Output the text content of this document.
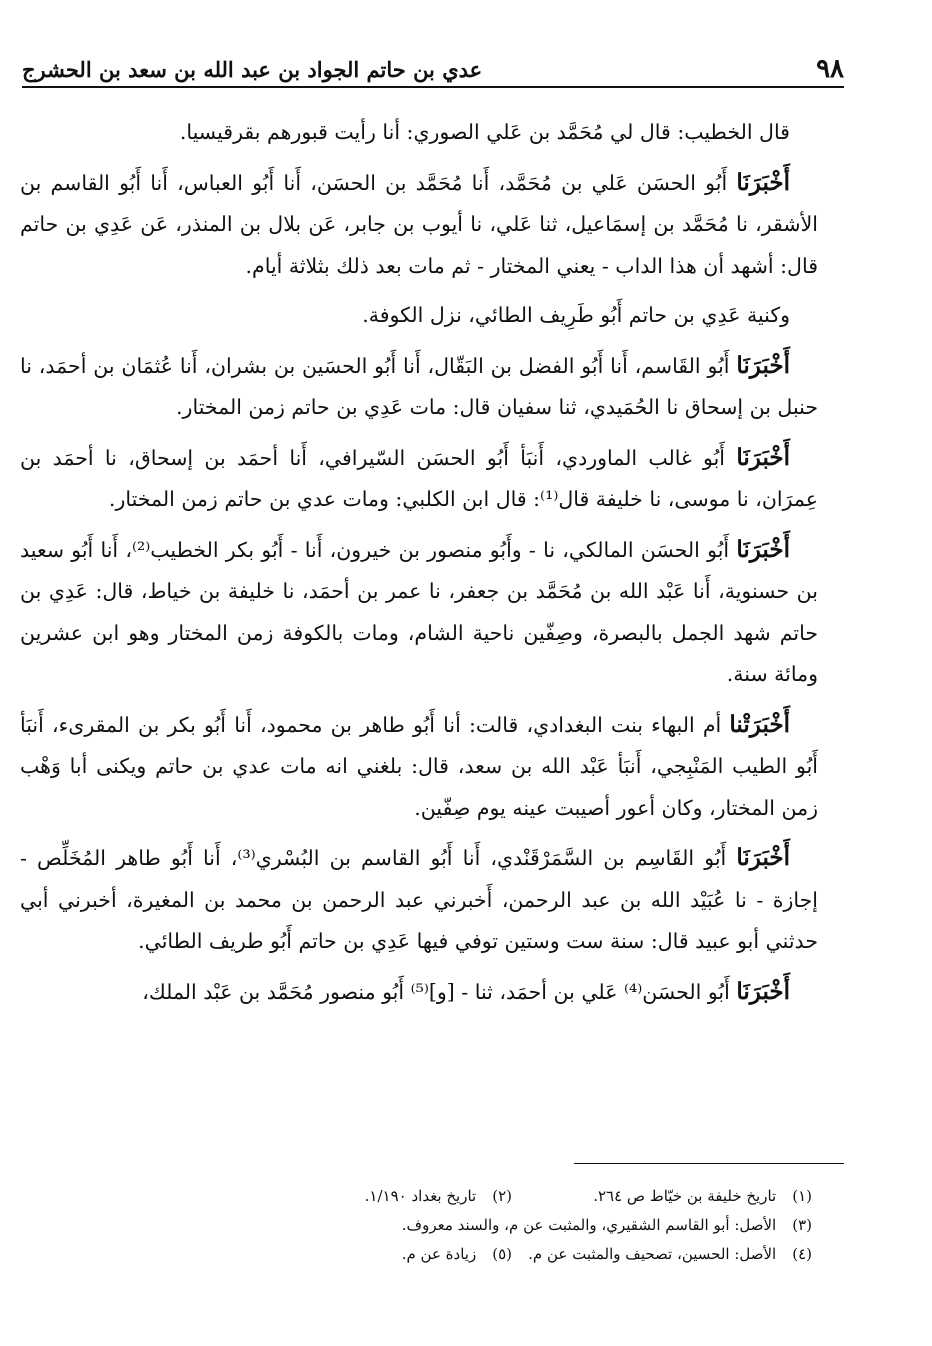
٩٨
عدي بن حاتم الجواد بن عبد الله بن سعد بن الحشرج

قال الخطيب: قال لي مُحَمَّد بن عَلي الصوري: أنا رأيت قبورهم بقرقيسيا.

أَخْبَرَنَا أَبُو الحسَن عَلي بن مُحَمَّد، أَنا مُحَمَّد بن الحسَن، أَنا أَبُو العباس، أَنا أَبُو القاسم بن الأشقر، نا مُحَمَّد بن إسمَاعيل، ثنا عَلي، نا أيوب بن جابر، عَن بلال بن المنذر، عَن عَدِي بن حاتم قال: أشهد أن هذا الداب - يعني المختار - ثم مات بعد ذلك بثلاثة أيام.

وكنية عَدِي بن حاتم أَبُو طَرِيف الطائي، نزل الكوفة.

أَخْبَرَنَا أَبُو القَاسم، أَنا أَبُو الفضل بن البَقّال، أَنا أَبُو الحسَين بن بشران، أَنا عُثمَان بن أحمَد، نا حنبل بن إسحاق نا الحُمَيدي، ثنا سفيان قال: مات عَدِي بن حاتم زمن المختار.

أَخْبَرَنَا أَبُو غالب الماوردي، أَنبَأ أَبُو الحسَن السّيرافي، أَنا أحمَد بن إسحاق، نا أحمَد بن عِمرَان، نا موسى، نا خليفة قال⁽¹⁾: قال ابن الكلبي: ومات عدي بن حاتم زمن المختار.

أَخْبَرَنَا أَبُو الحسَن المالكي، نا - وأَبُو منصور بن خيرون، أَنا - أَبُو بكر الخطيب⁽²⁾، أَنا أَبُو سعيد بن حسنوية، أَنا عَبْد الله بن مُحَمَّد بن جعفر، نا عمر بن أحمَد، نا خليفة بن خياط، قال: عَدِي بن حاتم شهد الجمل بالبصرة، وصِفّين ناحية الشام، ومات بالكوفة زمن المختار وهو ابن عشرين ومائة سنة.

أَخْبَرَتْنا أم البهاء بنت البغدادي، قالت: أنا أَبُو طاهر بن محمود، أَنا أَبُو بكر بن المقرىء، أَنبَأ أَبُو الطيب المَنْبِجي، أَنبَأ عَبْد الله بن سعد، قال: بلغني انه مات عدي بن حاتم ويكنى أبا وَهْب زمن المختار، وكان أعور أصيبت عينه يوم صِفّين.

أَخْبَرَنَا أَبُو القَاسِم بن السَّمَرْقَنْدي، أَنا أَبُو القاسم بن البُسْري⁽³⁾، أَنا أَبُو طاهر المُخَلِّص - إجازة - نا عُبَيْد الله بن عبد الرحمن، أَخبرني عبد الرحمن بن محمد بن المغيرة، أخبرني أبي حدثني أبو عبيد قال: سنة ست وستين توفي فيها عَدِي بن حاتم أَبُو طريف الطائي.

أَخْبَرَنَا أَبُو الحسَن⁽⁴⁾ عَلي بن أحمَد، ثنا - [و]⁽⁵⁾ أَبُو منصور مُحَمَّد بن عَبْد الملك،

(١)تاريخ خليفة بن خيّاط ص ٢٦٤.
(٢)تاريخ بغداد ١/١٩٠.
(٣)الأصل: أبو القاسم الشقيري، والمثبت عن م، والسند معروف.
(٤)الأصل: الحسين، تصحيف والمثبت عن م.
(٥)زيادة عن م.
